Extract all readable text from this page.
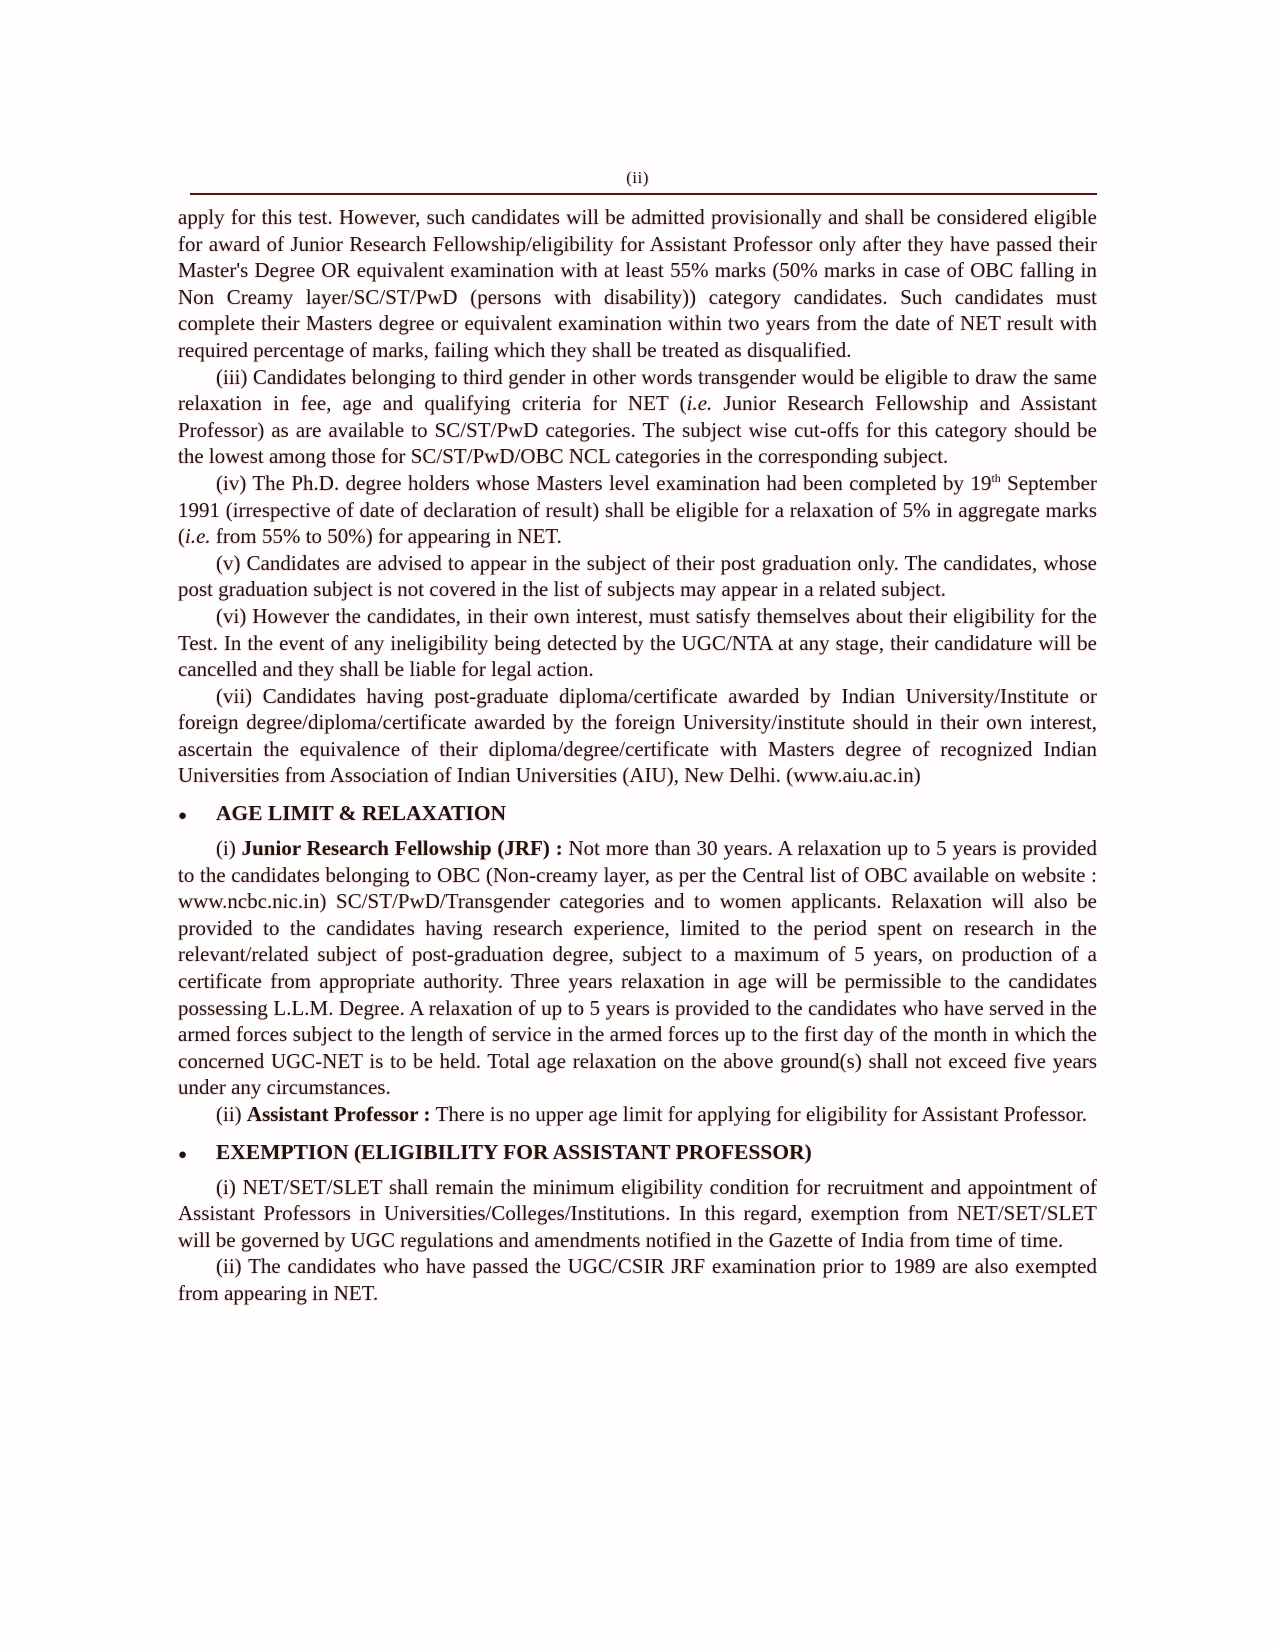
(ii)

apply for this test. However, such candidates will be admitted provisionally and shall be considered eligible for award of Junior Research Fellowship/eligibility for Assistant Professor only after they have passed their Master's Degree OR equivalent examination with at least 55% marks (50% marks in case of OBC falling in Non Creamy layer/SC/ST/PwD (persons with disability)) category candidates. Such candidates must complete their Masters degree or equivalent examination within two years from the date of NET result with required percentage of marks, failing which they shall be treated as disqualified.

(iii) Candidates belonging to third gender in other words transgender would be eligible to draw the same relaxation in fee, age and qualifying criteria for NET (i.e. Junior Research Fellowship and Assistant Professor) as are available to SC/ST/PwD categories. The subject wise cut-offs for this category should be the lowest among those for SC/ST/PwD/OBC NCL categories in the corresponding subject.

(iv) The Ph.D. degree holders whose Masters level examination had been completed by 19th September 1991 (irrespective of date of declaration of result) shall be eligible for a relaxation of 5% in aggregate marks (i.e. from 55% to 50%) for appearing in NET.

(v) Candidates are advised to appear in the subject of their post graduation only. The candidates, whose post graduation subject is not covered in the list of subjects may appear in a related subject.

(vi) However the candidates, in their own interest, must satisfy themselves about their eligibility for the Test. In the event of any ineligibility being detected by the UGC/NTA at any stage, their candidature will be cancelled and they shall be liable for legal action.

(vii) Candidates having post-graduate diploma/certificate awarded by Indian University/Institute or foreign degree/diploma/certificate awarded by the foreign University/institute should in their own interest, ascertain the equivalence of their diploma/degree/certificate with Masters degree of recognized Indian Universities from Association of Indian Universities (AIU), New Delhi. (www.aiu.ac.in)

●	AGE LIMIT & RELAXATION

(i) Junior Research Fellowship (JRF) : Not more than 30 years. A relaxation up to 5 years is provided to the candidates belonging to OBC (Non-creamy layer, as per the Central list of OBC available on website : www.ncbc.nic.in) SC/ST/PwD/Transgender categories and to women applicants. Relaxation will also be provided to the candidates having research experience, limited to the period spent on research in the relevant/related subject of post-graduation degree, subject to a maximum of 5 years, on production of a certificate from appropriate authority. Three years relaxation in age will be permissible to the candidates possessing L.L.M. Degree. A relaxation of up to 5 years is provided to the candidates who have served in the armed forces subject to the length of service in the armed forces up to the first day of the month in which the concerned UGC-NET is to be held. Total age relaxation on the above ground(s) shall not exceed five years under any circumstances.

(ii) Assistant Professor : There is no upper age limit for applying for eligibility for Assistant Professor.

●	EXEMPTION (ELIGIBILITY FOR ASSISTANT PROFESSOR)

(i) NET/SET/SLET shall remain the minimum eligibility condition for recruitment and appointment of Assistant Professors in Universities/Colleges/Institutions. In this regard, exemption from NET/SET/SLET will be governed by UGC regulations and amendments notified in the Gazette of India from time of time.

(ii) The candidates who have passed the UGC/CSIR JRF examination prior to 1989 are also exempted from appearing in NET.
